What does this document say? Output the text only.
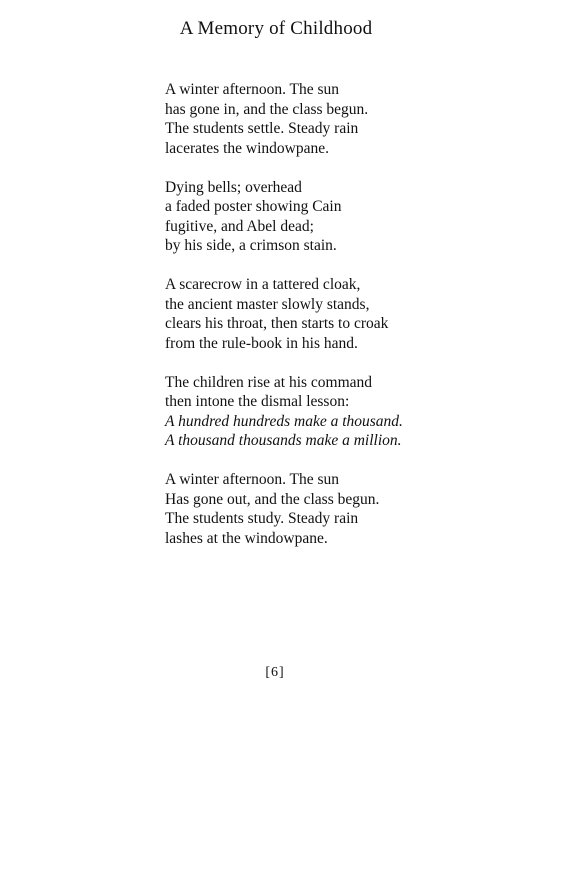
A Memory of Childhood
A winter afternoon. The sun
has gone in, and the class begun.
The students settle. Steady rain
lacerates the windowpane.
Dying bells; overhead
a faded poster showing Cain
fugitive, and Abel dead;
by his side, a crimson stain.
A scarecrow in a tattered cloak,
the ancient master slowly stands,
clears his throat, then starts to croak
from the rule-book in his hand.
The children rise at his command
then intone the dismal lesson:
A hundred hundreds make a thousand.
A thousand thousands make a million.
A winter afternoon. The sun
Has gone out, and the class begun.
The students study. Steady rain
lashes at the windowpane.
[6]
